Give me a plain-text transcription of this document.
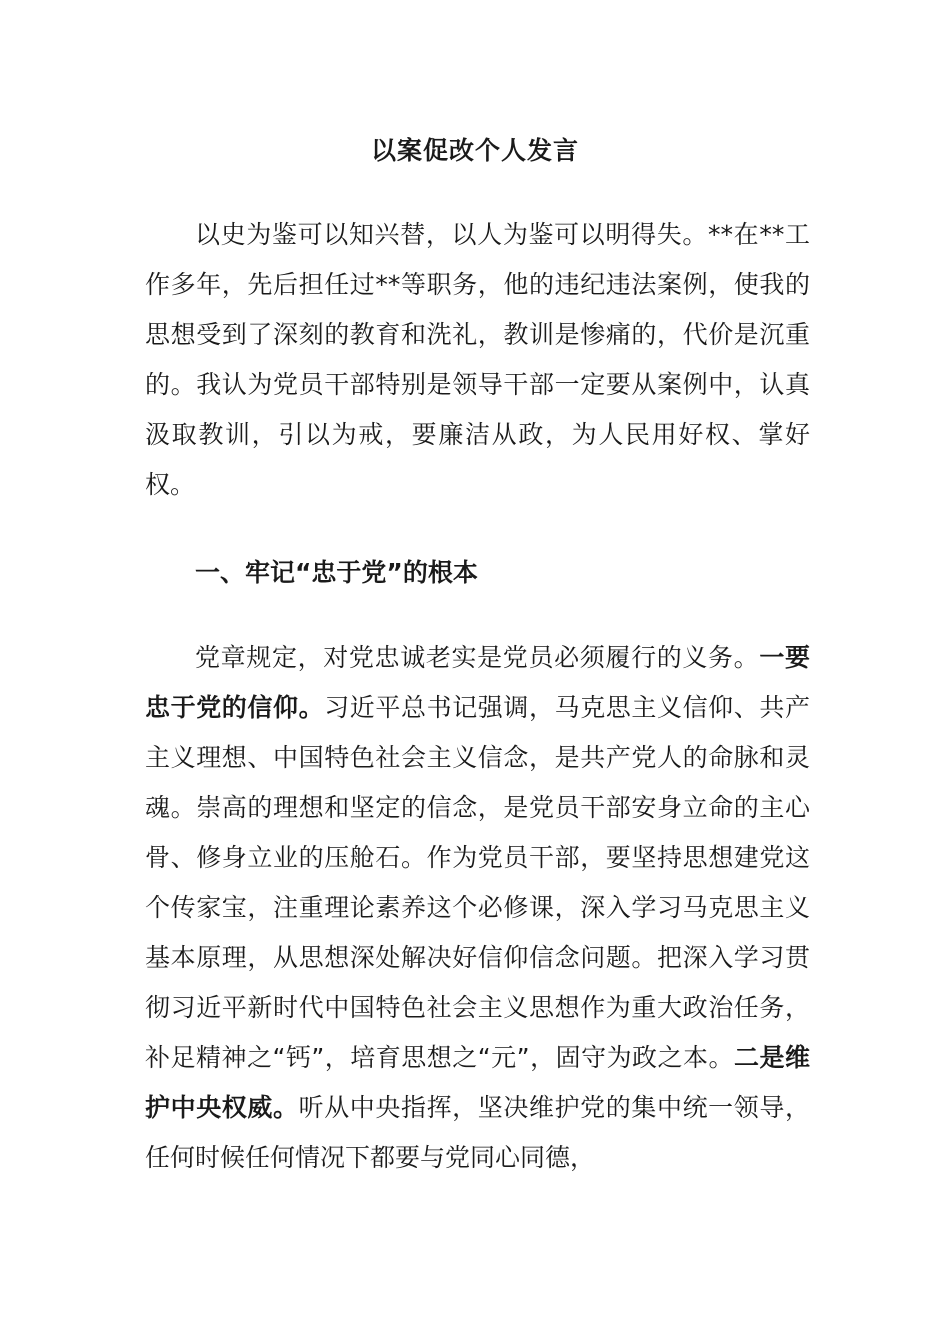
以案促改个人发言

以史为鉴可以知兴替，以人为鉴可以明得失。**在**工作多年，先后担任过**等职务，他的违纪违法案例，使我的思想受到了深刻的教育和洗礼，教训是惨痛的，代价是沉重的。我认为党员干部特别是领导干部一定要从案例中，认真汲取教训，引以为戒，要廉洁从政，为人民用好权、掌好权。

一、牢记“忠于党”的根本

党章规定，对党忠诚老实是党员必须履行的义务。一要忠于党的信仰。习近平总书记强调，马克思主义信仰、共产主义理想、中国特色社会主义信念，是共产党人的命脉和灵魂。崇高的理想和坚定的信念，是党员干部安身立命的主心骨、修身立业的压舱石。作为党员干部，要坚持思想建党这个传家宝，注重理论素养这个必修课，深入学习马克思主义基本原理，从思想深处解决好信仰信念问题。把深入学习贯彻习近平新时代中国特色社会主义思想作为重大政治任务，补足精神之“钙”，培育思想之“元”，固守为政之本。二是维护中央权威。听从中央指挥，坚决维护党的集中统一领导，任何时候任何情况下都要与党同心同德，
